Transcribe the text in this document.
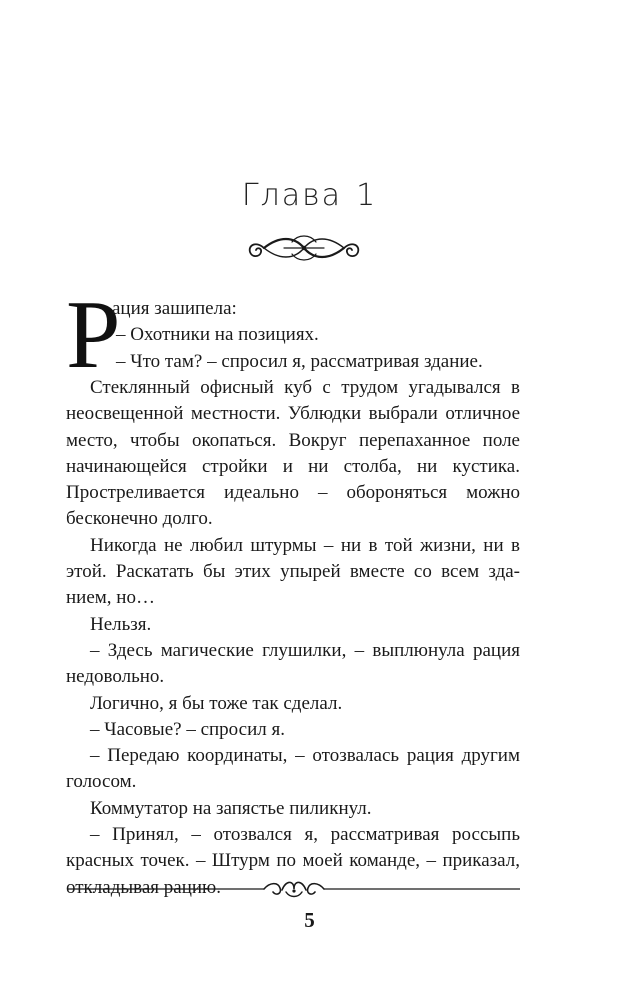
Глава 1
Р
ация зашипела:
– Охотники на позициях.
– Что там? – спросил я, рассматривая здание.

Стеклянный офисный куб с трудом угадывался в неосвещенной местности. Ублюдки выбрали отличное место, чтобы окопаться. Вокруг перепаханное поле начинающейся стройки и ни столба, ни кустика. Простреливается идеально – обороняться можно бесконечно долго.

Никогда не любил штурмы – ни в той жизни, ни в этой. Раскатать бы этих упырей вместе со всем зданием, но…

Нельзя.

– Здесь магические глушилки, – выплюнула рация недовольно.

Логично, я бы тоже так сделал.

– Часовые? – спросил я.

– Передаю координаты, – отозвалась рация другим голосом.

Коммутатор на запястье пиликнул.

– Принял, – отозвался я, рассматривая россыпь красных точек. – Штурм по моей команде, – приказал, откладывая рацию.

5
